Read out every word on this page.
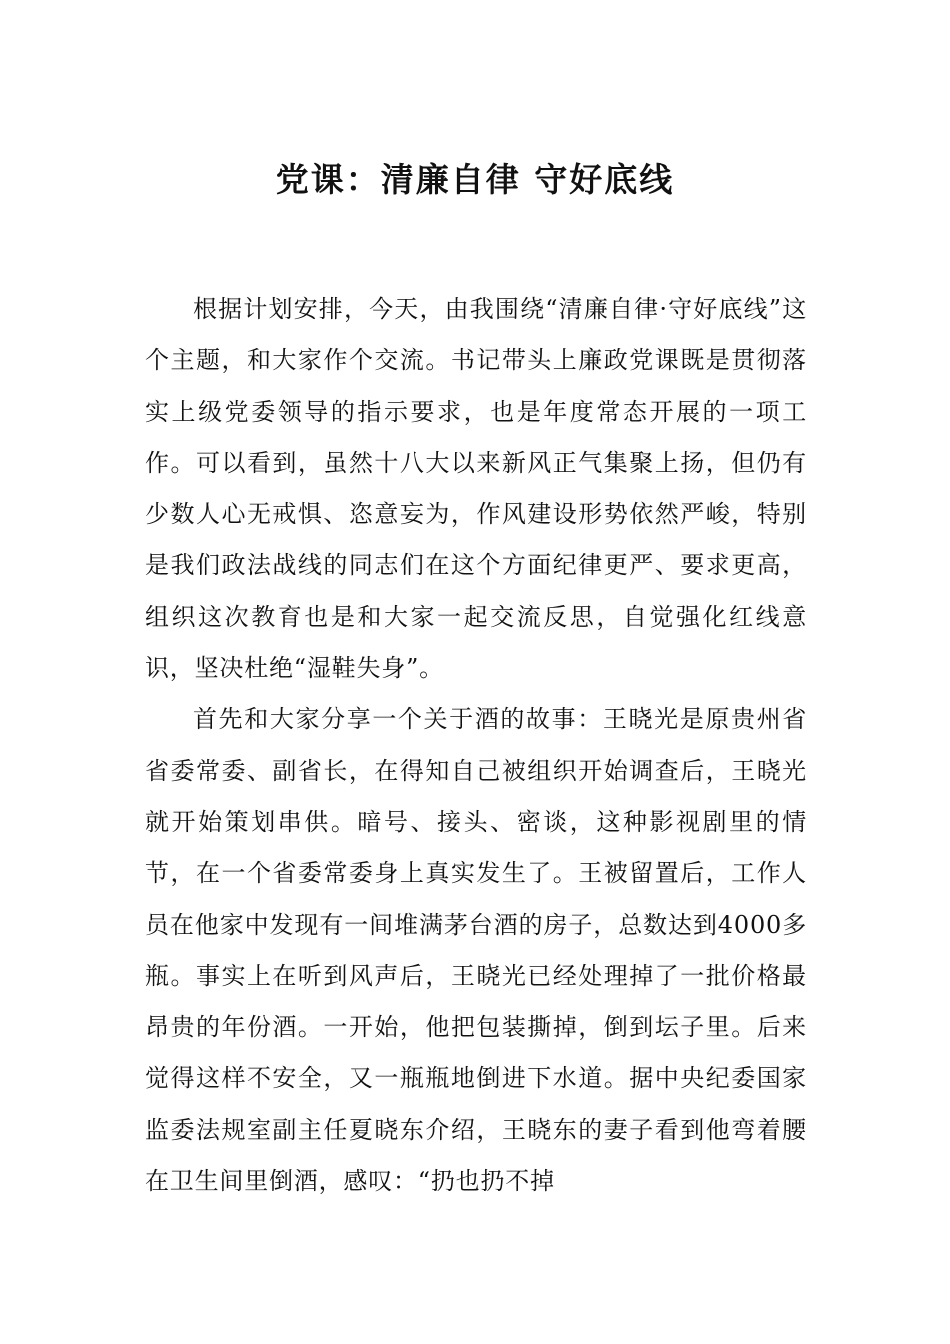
党课：清廉自律 守好底线

根据计划安排，今天，由我围绕“清廉自律·守好底线”这个主题，和大家作个交流。书记带头上廉政党课既是贯彻落实上级党委领导的指示要求，也是年度常态开展的一项工作。可以看到，虽然十八大以来新风正气集聚上扬，但仍有少数人心无戒惧、恣意妄为，作风建设形势依然严峻，特别是我们政法战线的同志们在这个方面纪律更严、要求更高，组织这次教育也是和大家一起交流反思，自觉强化红线意识，坚决杜绝“湿鞋失身”。

首先和大家分享一个关于酒的故事：王晓光是原贵州省省委常委、副省长，在得知自己被组织开始调查后，王晓光就开始策划串供。暗号、接头、密谈，这种影视剧里的情节，在一个省委常委身上真实发生了。王被留置后，工作人员在他家中发现有一间堆满茅台酒的房子，总数达到4000多瓶。事实上在听到风声后，王晓光已经处理掉了一批价格最昂贵的年份酒。一开始，他把包装撕掉，倒到坛子里。后来觉得这样不安全，又一瓶瓶地倒进下水道。据中央纪委国家监委法规室副主任夏晓东介绍，王晓东的妻子看到他弯着腰在卫生间里倒酒，感叹：“扔也扔不掉
